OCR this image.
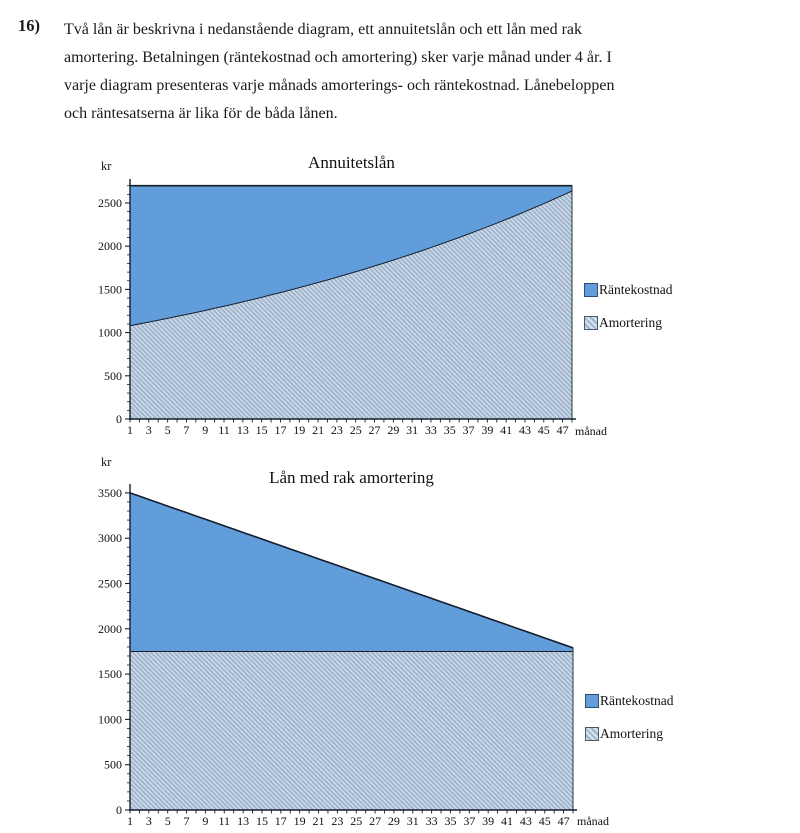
0
500
1000
1500
2000
2500
1 3 5 7 9 11 13 15 17 19 21 23 25 27 29 31 33 35 37 39 41 43 45 47
0
500
1000
1500
2000
2500
3000
3500
1 3 5 7 9 11 13 15 17 19 21 23 25 27 29 31 33 35 37 39 41 43 45 47
16) Två lån är beskrivna i nedanstående diagram, ett annuitetslån och ett lån med rak
amortering. Betalningen (räntekostnad och amortering) sker varje månad under 4 år. I
varje diagram presenteras varje månads amorterings- och räntekostnad. Lånebeloppen
och räntesatserna är lika för de båda lånen.
Annuitetslån
Lån med rak amortering
kr
kr
månad
månad
Räntekostnad
Amortering
Räntekostnad
Amortering
